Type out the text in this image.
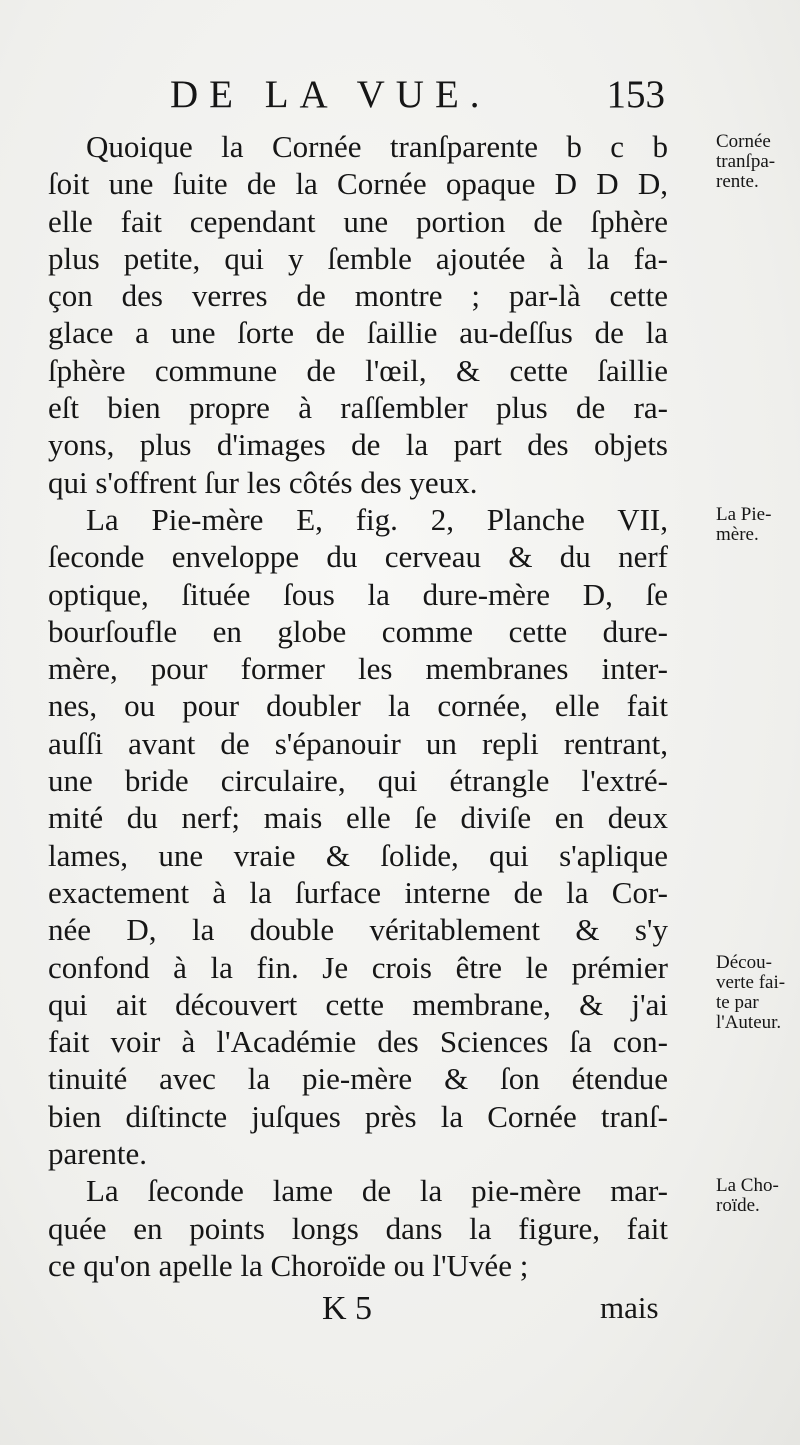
DE LA VUE.	153
Quoique la Cornée tranſparente b c b
ſoit une ſuite de la Cornée opaque D D D,
elle fait cependant une portion de ſphère
plus petite, qui y ſemble ajoutée à la fa-
çon des verres de montre ; par-là cette
glace a une ſorte de ſaillie au-deſſus de la
ſphère commune de l'œil, & cette ſaillie
eſt bien propre à raſſembler plus de ra-
yons, plus d'images de la part des objets
qui s'offrent ſur les côtés des yeux.
La Pie-mère E, fig. 2, Planche VII,
ſeconde enveloppe du cerveau & du nerf
optique, ſituée ſous la dure-mère D, ſe
bourſoufle en globe comme cette dure-
mère, pour former les membranes inter-
nes, ou pour doubler la cornée, elle fait
auſſi avant de s'épanouir un repli rentrant,
une bride circulaire, qui étrangle l'extré-
mité du nerf; mais elle ſe diviſe en deux
lames, une vraie & ſolide, qui s'aplique
exactement à la ſurface interne de la Cor-
née D, la double véritablement & s'y
confond à la fin. Je crois être le prémier
qui ait découvert cette membrane, & j'ai
fait voir à l'Académie des Sciences ſa con-
tinuité avec la pie-mère & ſon étendue
bien diſtincte juſques près la Cornée tranſ-
parente.
La ſeconde lame de la pie-mère mar-
quée en points longs dans la figure, fait
ce qu'on apelle la Choroïde ou l'Uvée ;
Cornée
tranſpa-
rente.
La Pie-
mère.
Décou-
verte fai-
te par
l'Auteur.
La Cho-
roïde.
K 5	mais
